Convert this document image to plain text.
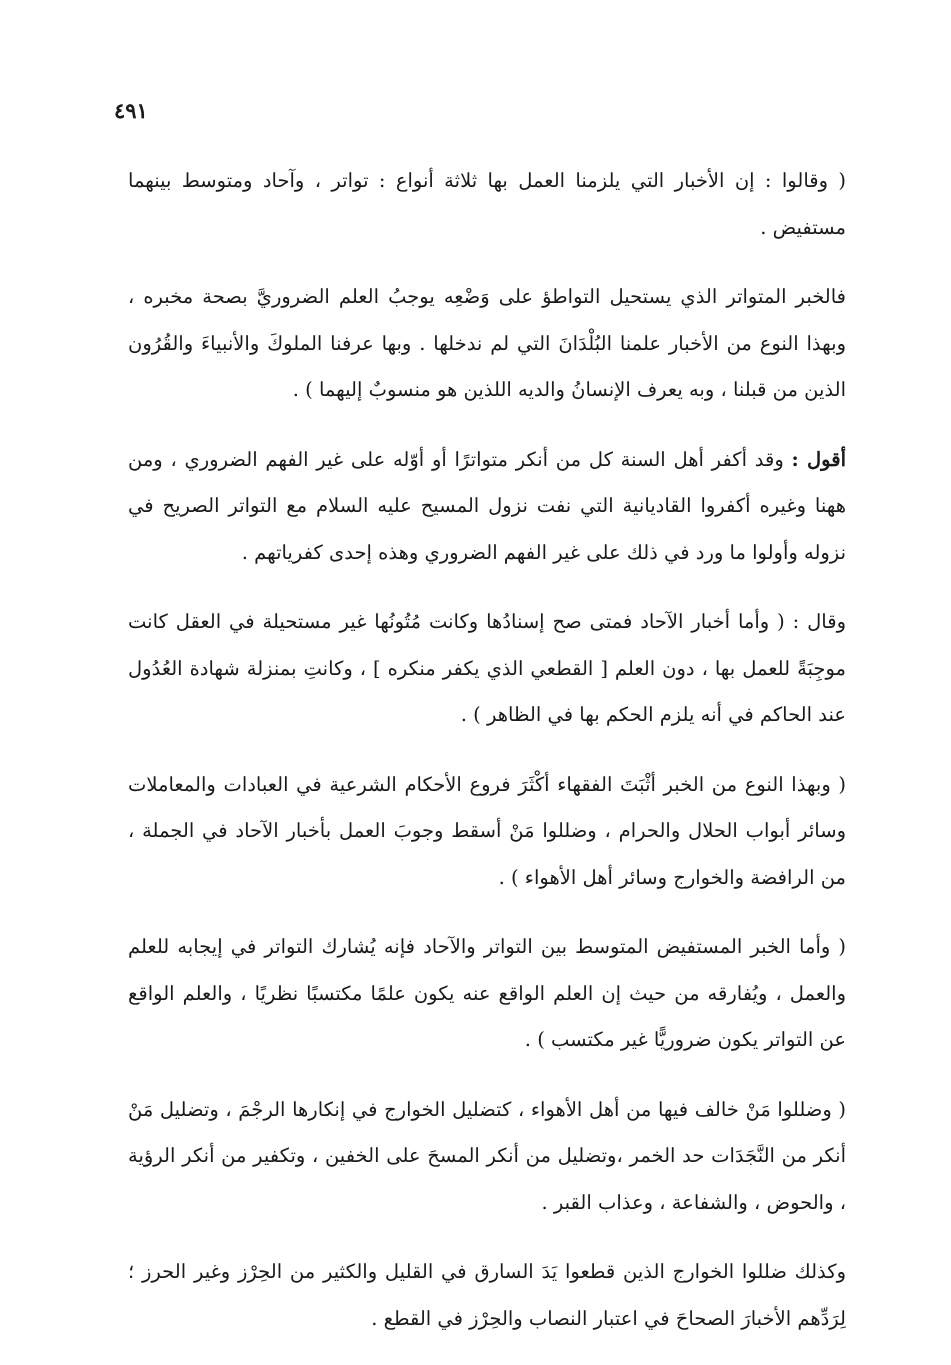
٤٩١

( وقالوا : إن الأخبار التي يلزمنا العمل بها ثلاثة أنواع : تواتر ، وآحاد ومتوسط بينهما مستفيض .

فالخبر المتواتر الذي يستحيل التواطؤ على وَضْعِه يوجبُ العلم الضروريَّ بصحة مخبره ، وبهذا النوع من الأخبار علمنا البُلْدَانَ التي لم ندخلها . وبها عرفنا الملوكَ والأنبياءَ والقُرُون الذين من قبلنا ، وبه يعرف الإنسانُ والديه اللذين هو منسوبٌ إليهما ) .

أقول : وقد أكفر أهل السنة كل من أنكر متواترًا أو أوّله على غير الفهم الضروري ، ومن ههنا وغيره أكفروا القاديانية التي نفت نزول المسيح عليه السلام مع التواتر الصريح في نزوله وأولوا ما ورد في ذلك على غير الفهم الضروري وهذه إحدى كفرياتهم .

وقال : ( وأما أخبار الآحاد فمتى صح إسنادُها وكانت مُتُونُها غير مستحيلة في العقل كانت موجِبَةً للعمل بها ، دون العلم [ القطعي الذي يكفر منكره ] ، وكانتِ بمنزلة شهادة العُدُول عند الحاكم في أنه يلزم الحكم بها في الظاهر ) .

( وبهذا النوع من الخبر أثْبَتَ الفقهاء أكْثَرَ فروع الأحكام الشرعية في العبادات والمعاملات وسائر أبواب الحلال والحرام ، وضللوا مَنْ أسقط وجوبَ العمل بأخبار الآحاد في الجملة ، من الرافضة والخوارج وسائر أهل الأهواء ) .

( وأما الخبر المستفيض المتوسط بين التواتر والآحاد فإنه يُشارك التواتر في إيجابه للعلم والعمل ، ويُفارقه من حيث إن العلم الواقع عنه يكون علمًا مكتسبًا نظريًا ، والعلم الواقع عن التواتر يكون ضروريًّا غير مكتسب ) .

( وضللوا مَنْ خالف فيها من أهل الأهواء ، كتضليل الخوارج في إنكارها الرجْمَ ، وتضليل مَنْ أنكر من النَّجَدَات حد الخمر ،وتضليل من أنكر المسحَ على الخفين ، وتكفير من أنكر الرؤية ، والحوض ، والشفاعة ، وعذاب القبر .

وكذلك ضللوا الخوارج الذين قطعوا يَدَ السارق في القليل والكثير من الحِرْز وغير الحرز ؛ لِرَدِّهم الأخبارَ الصحاحَ في اعتبار النصاب والحِرْز في القطع .
